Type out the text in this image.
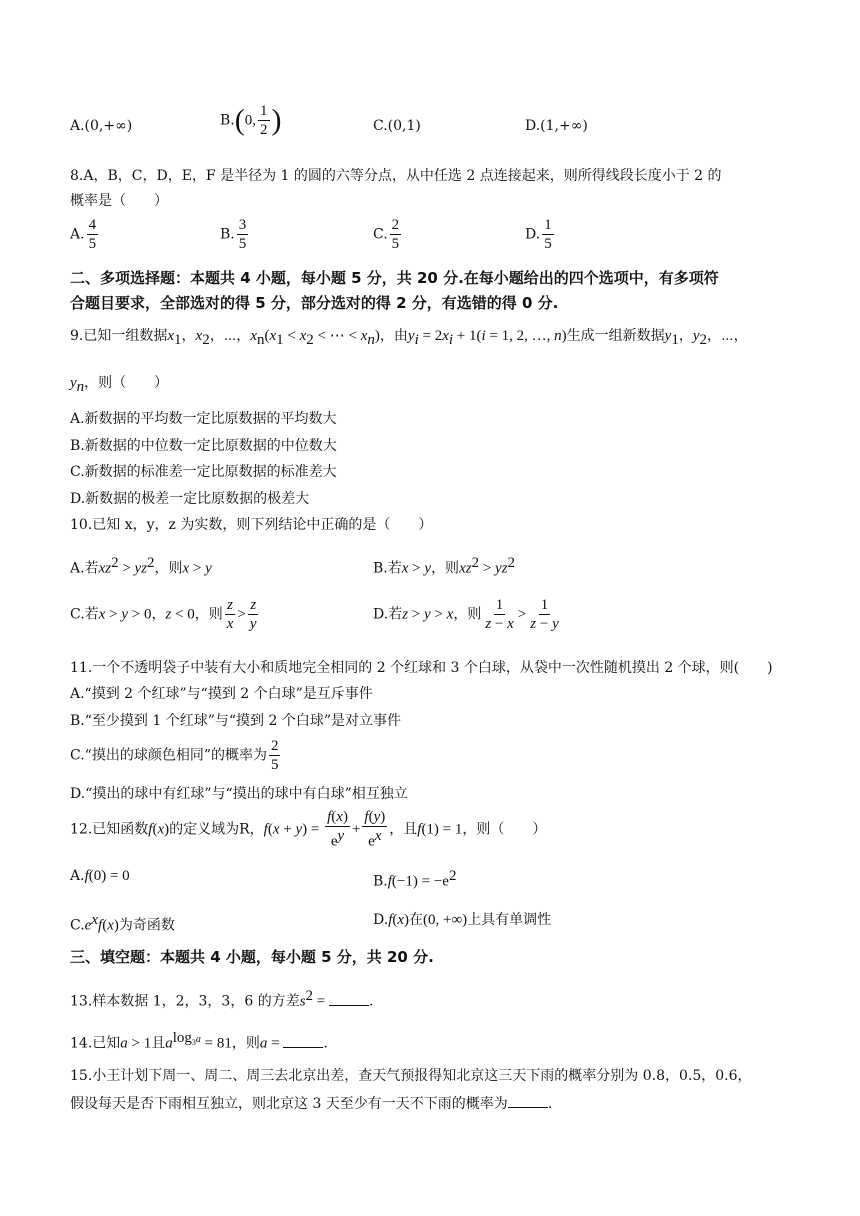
A.(0,+∞)	B.(0, $\frac{1}{2}$ )	C.(0,1)	D.(1,+∞)
8.A，B，C，D，E，F 是半径为 1 的圆的六等分点，从中任选 2 点连接起来，则所得线段长度小于 2 的
概率是（　　）
A. $\frac{4}{5}$	B. $\frac{3}{5}$	C. $\frac{2}{5}$	D. $\frac{1}{5}$
二、多项选择题：本题共 4 小题，每小题 5 分，共 20 分.在每小题给出的四个选项中，有多项符
合题目要求，全部选对的得 5 分，部分选对的得 2 分，有选错的得 0 分.
9.已知一组数据$x_1$，$x_2$，⋯，$x_n(x_1 < x_2$ < ⋯ < $x_n$)，由$y_i = 2x_i + 1(i = 1$, 2, …, n)生成一组新数据$y_1$，$y_2$，⋯，
$y_n$，则（　　）
A.新数据的平均数一定比原数据的平均数大
B.新数据的中位数一定比原数据的中位数大
C.新数据的标准差一定比原数据的标准差大
D.新数据的极差一定比原数据的极差大
10.已知 x，y，z 为实数，则下列结论中正确的是（　　）
A.若$xz^2 > yz^2$，则x > y	B.若x > y，则$xz^2 > yz^2$
C.若x > y > 0，z < 0，则 $\frac{z}{x} > \frac{z}{y}$	D.若z > y > x，则 $\frac{1}{z - x} > \frac{1}{z - y}$
11.一个不透明袋子中装有大小和质地完全相同的 2 个红球和 3 个白球，从袋中一次性随机摸出 2 个球，则(　　)
A.“摸到 2 个红球”与“摸到 2 个白球”是互斥事件
B.“至少摸到 1 个红球”与“摸到 2 个白球”是对立事件
C.“摸出的球颜色相同”的概率为 $\frac{2}{5}$
D.“摸出的球中有红球”与“摸出的球中有白球”相互独立
12.已知函数f(x)的定义域为R，$f(x + y) = \frac{f(x)}{e^y} + \frac{f(y)}{e^x}$ ，且f(1) = 1，则（　　）
A.f(0) = 0	$B.f(-1) = -e^2$
$C.e^xf(x)$为奇函数	D.f(x)在(0, +∞)上具有单调性
三、填空题：本题共 4 小题，每小题 5 分，共 20 分.
13.样本数据 1，2，3，3，6 的方差$s^2$ =	.
14.已知a > 1且$a^{log_3a} = 81$，则a =	.
15.小王计划下周一、周二、周三去北京出差，查天气预报得知北京这三天下雨的概率分别为 0.8，0.5，0.6，
假设每天是否下雨相互独立，则北京这 3 天至少有一天不下雨的概率为	.
